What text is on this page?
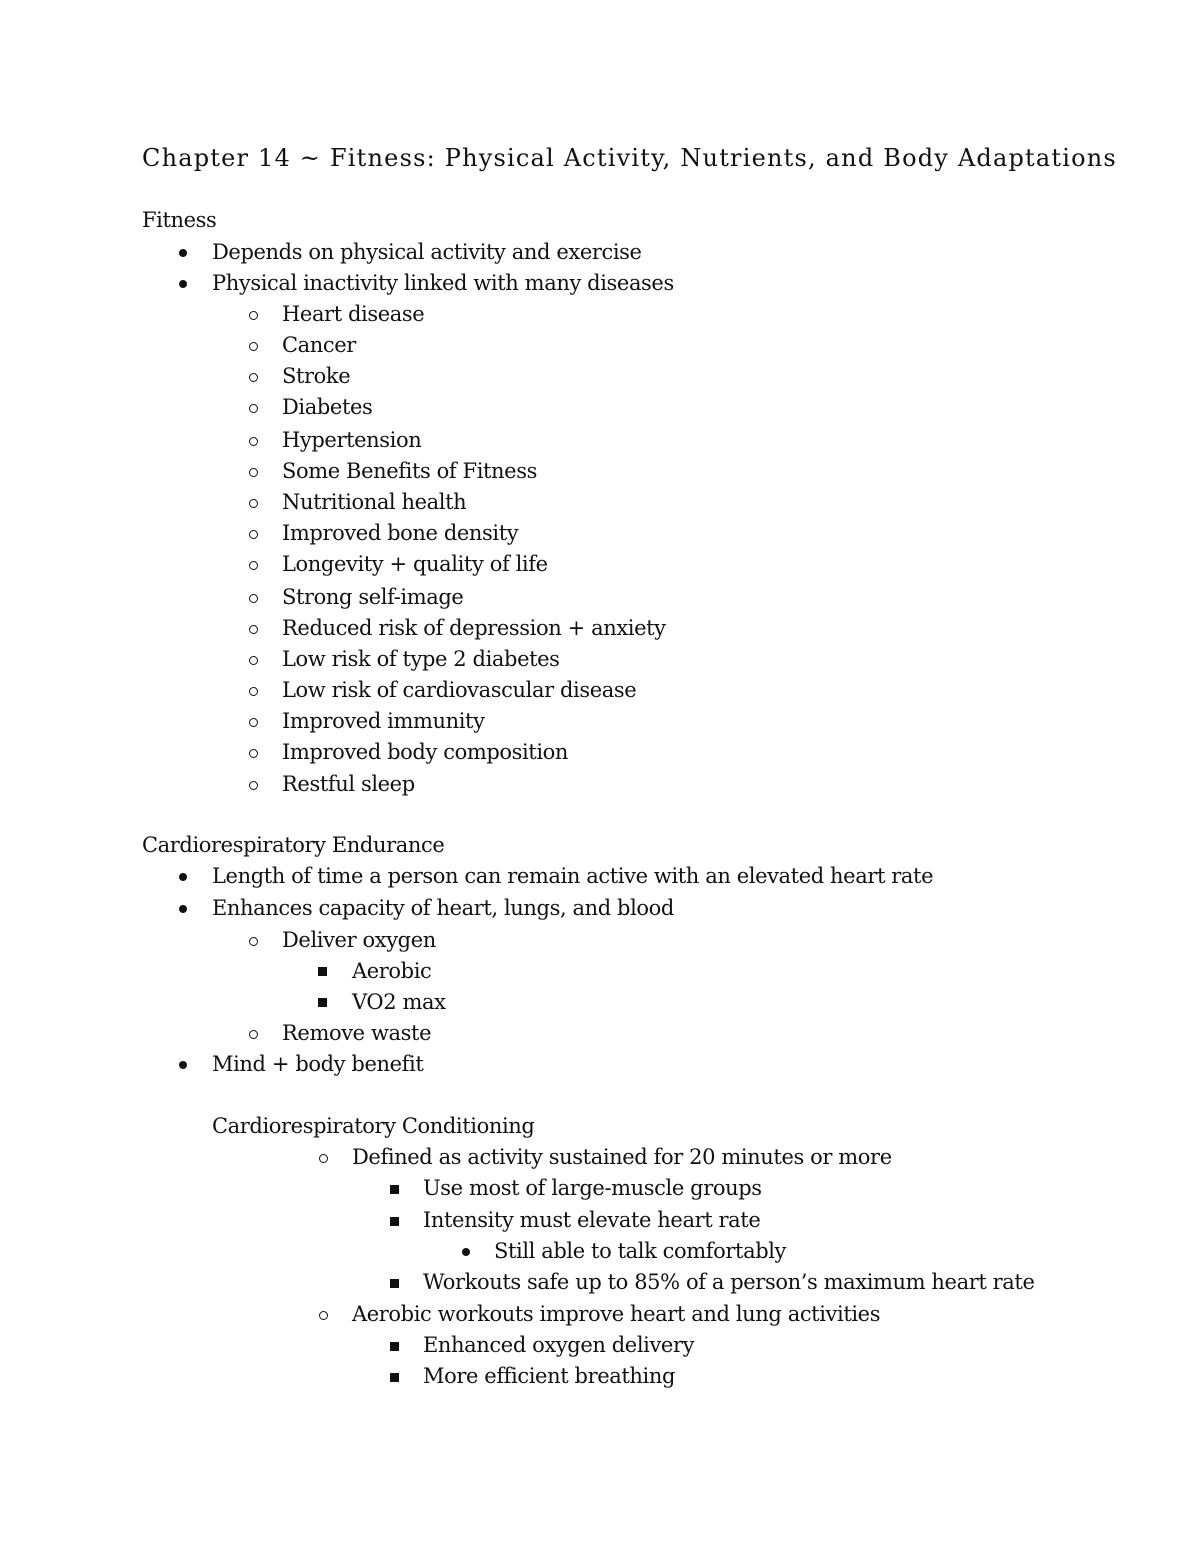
Chapter 14 ~ Fitness: Physical Activity, Nutrients, and Body Adaptations
Fitness
Depends on physical activity and exercise
Physical inactivity linked with many diseases
Heart disease
Cancer
Stroke
Diabetes
Hypertension
Some Benefits of Fitness
Nutritional health
Improved bone density
Longevity + quality of life
Strong self-image
Reduced risk of depression + anxiety
Low risk of type 2 diabetes
Low risk of cardiovascular disease
Improved immunity
Improved body composition
Restful sleep
Cardiorespiratory Endurance
Length of time a person can remain active with an elevated heart rate
Enhances capacity of heart, lungs, and blood
Deliver oxygen
Aerobic
VO2 max
Remove waste
Mind + body benefit
Cardiorespiratory Conditioning
Defined as activity sustained for 20 minutes or more
Use most of large-muscle groups
Intensity must elevate heart rate
Still able to talk comfortably
Workouts safe up to 85% of a person’s maximum heart rate
Aerobic workouts improve heart and lung activities
Enhanced oxygen delivery
More efficient breathing
